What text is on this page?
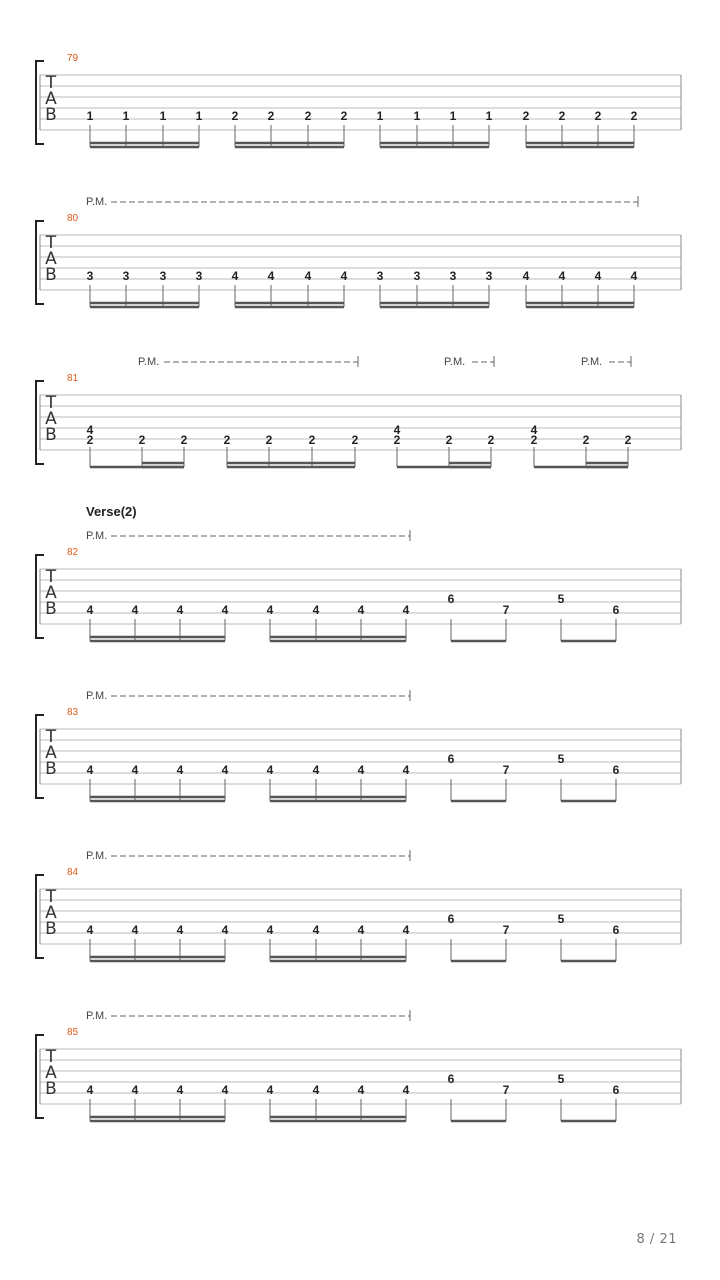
T
A
B
79
1 1	1 1 2 2	2 2 1	1 1 1	2 2 2 2
T
A
B
80
P.M.
3 3	3 3 4 4	4 4 3	3 3 3	4 4 4 4
T
A
B
81
P.M.	P.M.	P.M.
4
2	2	2	2	2	2	2
4
2	2	2
4
2	2	2
T
A
B
82
Verse(2)
P.M.
4	4	4	4	4	4	4	4
6
7
5
6
T
A
B
83
P.M.
4	4	4	4	4	4	4	4
6
7
5
6
T
A
B
84
P.M.
4	4	4	4	4	4	4	4
6
7
5
6
T
A
B
85
P.M.
4	4	4	4	4	4	4	4
6
7
5
6
8 / 21
